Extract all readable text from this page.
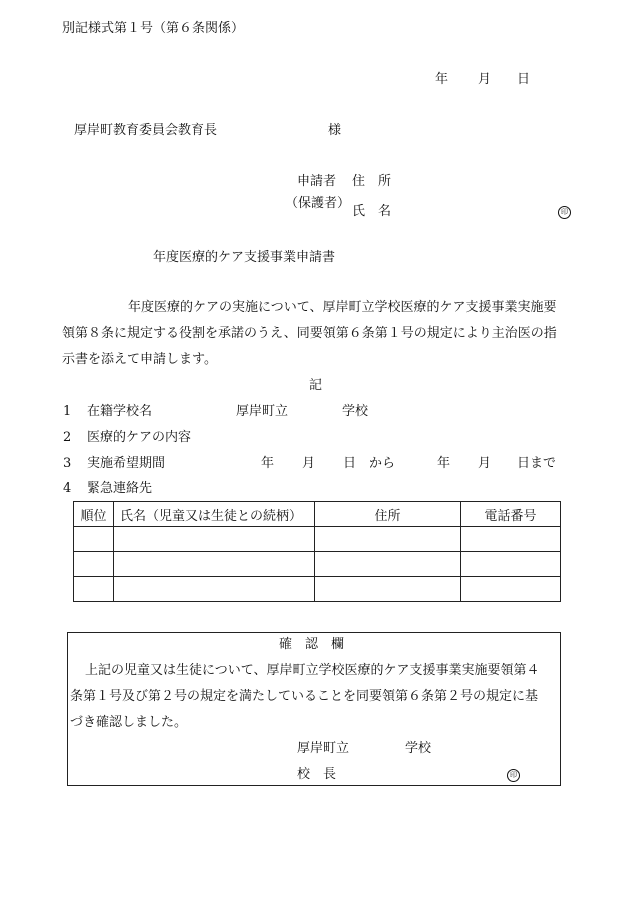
別記様式第１号（第６条関係）
年 月 日
厚岸町教育委員会教育長	様
申請者
（保護者）
住　所
氏　名	印
年度医療的ケア支援事業申請書
年度医療的ケアの実施について、厚岸町立学校医療的ケア支援事業実施要
領第８条に規定する役割を承諾のうえ、同要領第６条第１号の規定により主治医の指
示書を添えて申請します。
記
1 在籍学校名	厚岸町立	学校
2 医療的ケアの内容
3 実施希望期間	年 月 日 から	年 月 日まで
4 緊急連絡先
順位	氏名（児童又は生徒との続柄）	住所	電話番号

確　認　欄
上記の児童又は生徒について、厚岸町立学校医療的ケア支援事業実施要領第４
条第１号及び第２号の規定を満たしていることを同要領第６条第２号の規定に基
づき確認しました。
厚岸町立	学校
校　長	印
